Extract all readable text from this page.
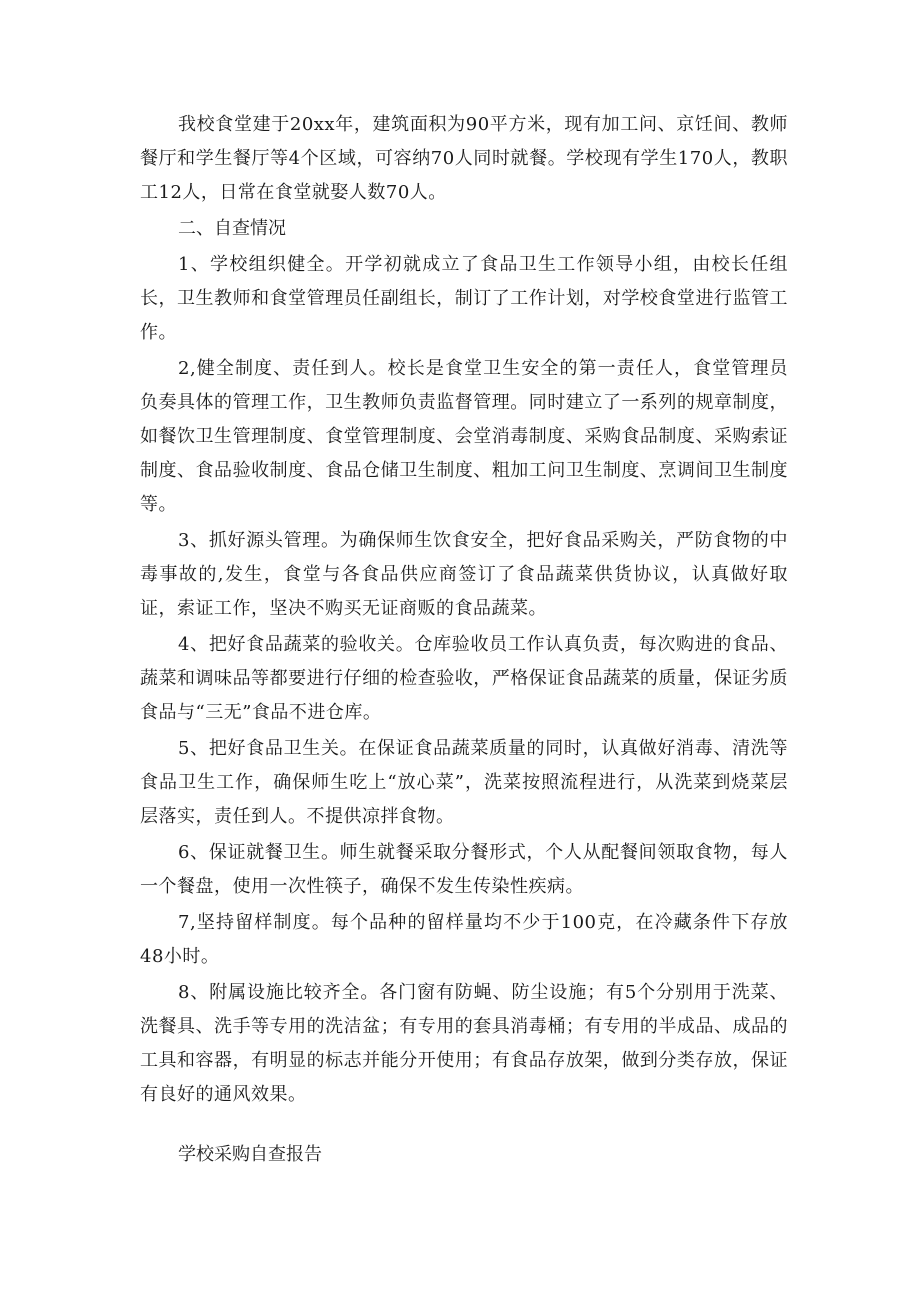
我校食堂建于20xx年，建筑面积为90平方米，现有加工问、京饪间、教师餐厅和学生餐厅等4个区域，可容纳70人同时就餐。学校现有学生170人，教职工12人，日常在食堂就娶人数70人。

二、自查情况

1、学校组织健全。开学初就成立了食品卫生工作领导小组，由校长任组长，卫生教师和食堂管理员任副组长，制订了工作计划，对学校食堂进行监管工作。

2,健全制度、责任到人。校长是食堂卫生安全的第一责任人，食堂管理员负奏具体的管理工作，卫生教师负责监督管理。同时建立了一系列的规章制度，如餐饮卫生管理制度、食堂管理制度、会堂消毒制度、采购食品制度、采购索证制度、食品验收制度、食品仓储卫生制度、粗加工问卫生制度、烹调间卫生制度等。

3、抓好源头管理。为确保师生饮食安全，把好食品采购关，严防食物的中毒事故的,发生，食堂与各食品供应商签订了食品蔬菜供货协议，认真做好取证，索证工作，坚决不购买无证商贩的食品蔬菜。

4、把好食品蔬菜的验收关。仓库验收员工作认真负责，每次购进的食品、蔬菜和调味品等都要进行仔细的检查验收，严格保证食品蔬菜的质量，保证劣质食品与“三无”食品不进仓库。

5、把好食品卫生关。在保证食品蔬菜质量的同时，认真做好消毒、清洗等食品卫生工作，确保师生吃上“放心菜”，洗菜按照流程进行，从洗菜到烧菜层层落实，责任到人。不提供凉拌食物。

6、保证就餐卫生。师生就餐采取分餐形式，个人从配餐间领取食物，每人一个餐盘，使用一次性筷子，确保不发生传染性疾病。

7,坚持留样制度。每个品种的留样量均不少于100克，在冷藏条件下存放48小时。

8、附属设施比较齐全。各门窗有防蝇、防尘设施；有5个分别用于洗菜、洗餐具、洗手等专用的洗洁盆；有专用的套具消毒桶；有专用的半成品、成品的工具和容器，有明显的标志并能分开使用；有食品存放架，做到分类存放，保证有良好的通风效果。

学校采购自查报告
